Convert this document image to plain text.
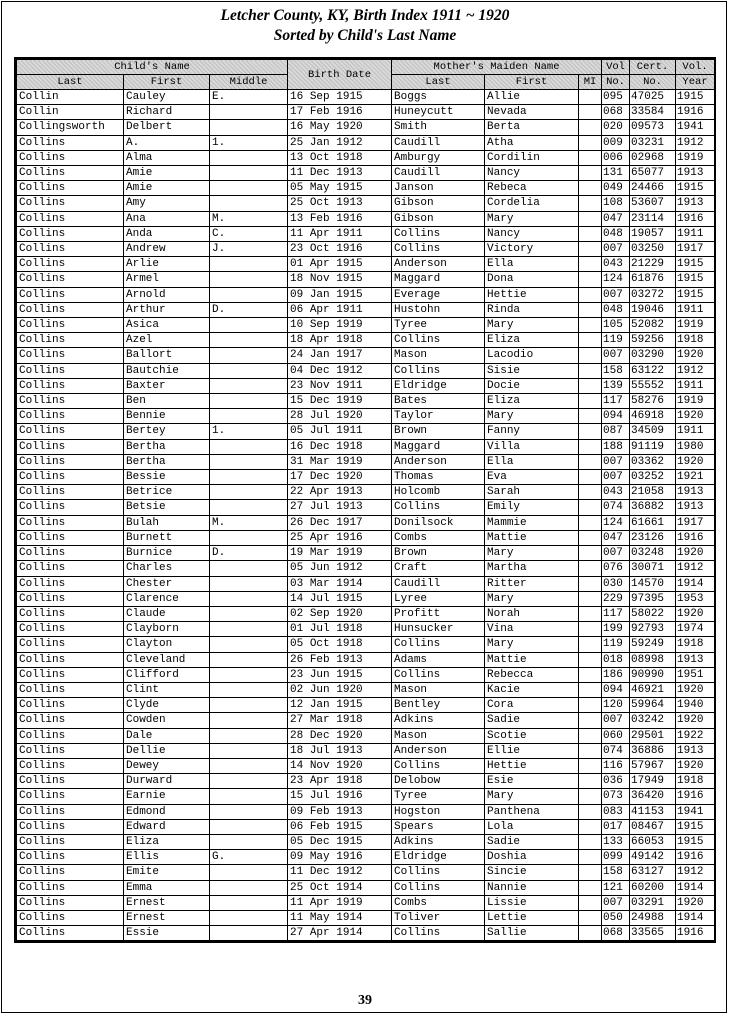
Letcher County, KY, Birth Index 1911 ~ 1920
Sorted by Child's Last Name
Child's Name			Birth Date	Mother's Maiden Name			Vol	Cert.	Vol.
Last	First	Middle		Last	First	MI	No.	No.	Year
Collin	Cauley	E.	16 Sep 1915	Boggs	Allie		095	47025	1915
Collin	Richard		17 Feb 1916	Huneycutt	Nevada		068	33584	1916
Collingsworth	Delbert		16 May 1920	Smith	Berta		020	09573	1941
Collins	A.	1.	25 Jan 1912	Caudill	Atha		009	03231	1912
Collins	Alma		13 Oct 1918	Amburgy	Cordilin		006	02968	1919
Collins	Amie		11 Dec 1913	Caudill	Nancy		131	65077	1913
Collins	Amie		05 May 1915	Janson	Rebeca		049	24466	1915
Collins	Amy		25 Oct 1913	Gibson	Cordelia		108	53607	1913
Collins	Ana	M.	13 Feb 1916	Gibson	Mary		047	23114	1916
Collins	Anda	C.	11 Apr 1911	Collins	Nancy		048	19057	1911
Collins	Andrew	J.	23 Oct 1916	Collins	Victory		007	03250	1917
Collins	Arlie		01 Apr 1915	Anderson	Ella		043	21229	1915
Collins	Armel		18 Nov 1915	Maggard	Dona		124	61876	1915
Collins	Arnold		09 Jan 1915	Everage	Hettie		007	03272	1915
Collins	Arthur	D.	06 Apr 1911	Hustohn	Rinda		048	19046	1911
Collins	Asica		10 Sep 1919	Tyree	Mary		105	52082	1919
Collins	Azel		18 Apr 1918	Collins	Eliza		119	59256	1918
Collins	Ballort		24 Jan 1917	Mason	Lacodio		007	03290	1920
Collins	Bautchie		04 Dec 1912	Collins	Sisie		158	63122	1912
Collins	Baxter		23 Nov 1911	Eldridge	Docie		139	55552	1911
Collins	Ben		15 Dec 1919	Bates	Eliza		117	58276	1919
Collins	Bennie		28 Jul 1920	Taylor	Mary		094	46918	1920
Collins	Bertey	1.	05 Jul 1911	Brown	Fanny		087	34509	1911
Collins	Bertha		16 Dec 1918	Maggard	Villa		188	91119	1980
Collins	Bertha		31 Mar 1919	Anderson	Ella		007	03362	1920
Collins	Bessie		17 Dec 1920	Thomas	Eva		007	03252	1921
Collins	Betrice		22 Apr 1913	Holcomb	Sarah		043	21058	1913
Collins	Betsie		27 Jul 1913	Collins	Emily		074	36882	1913
Collins	Bulah	M.	26 Dec 1917	Donilsock	Mammie		124	61661	1917
Collins	Burnett		25 Apr 1916	Combs	Mattie		047	23126	1916
Collins	Burnice	D.	19 Mar 1919	Brown	Mary		007	03248	1920
Collins	Charles		05 Jun 1912	Craft	Martha		076	30071	1912
Collins	Chester		03 Mar 1914	Caudill	Ritter		030	14570	1914
Collins	Clarence		14 Jul 1915	Lyree	Mary		229	97395	1953
Collins	Claude		02 Sep 1920	Profitt	Norah		117	58022	1920
Collins	Clayborn		01 Jul 1918	Hunsucker	Vina		199	92793	1974
Collins	Clayton		05 Oct 1918	Collins	Mary		119	59249	1918
Collins	Cleveland		26 Feb 1913	Adams	Mattie		018	08998	1913
Collins	Clifford		23 Jun 1915	Collins	Rebecca		186	90990	1951
Collins	Clint		02 Jun 1920	Mason	Kacie		094	46921	1920
Collins	Clyde		12 Jan 1915	Bentley	Cora		120	59964	1940
Collins	Cowden		27 Mar 1918	Adkins	Sadie		007	03242	1920
Collins	Dale		28 Dec 1920	Mason	Scotie		060	29501	1922
Collins	Dellie		18 Jul 1913	Anderson	Ellie		074	36886	1913
Collins	Dewey		14 Nov 1920	Collins	Hettie		116	57967	1920
Collins	Durward		23 Apr 1918	Delobow	Esie		036	17949	1918
Collins	Earnie		15 Jul 1916	Tyree	Mary		073	36420	1916
Collins	Edmond		09 Feb 1913	Hogston	Panthena		083	41153	1941
Collins	Edward		06 Feb 1915	Spears	Lola		017	08467	1915
Collins	Eliza		05 Dec 1915	Adkins	Sadie		133	66053	1915
Collins	Ellis	G.	09 May 1916	Eldridge	Doshia		099	49142	1916
Collins	Emite		11 Dec 1912	Collins	Sincie		158	63127	1912
Collins	Emma		25 Oct 1914	Collins	Nannie		121	60200	1914
Collins	Ernest		11 Apr 1919	Combs	Lissie		007	03291	1920
Collins	Ernest		11 May 1914	Toliver	Lettie		050	24988	1914
Collins	Essie		27 Apr 1914	Collins	Sallie		068	33565	1916
39
